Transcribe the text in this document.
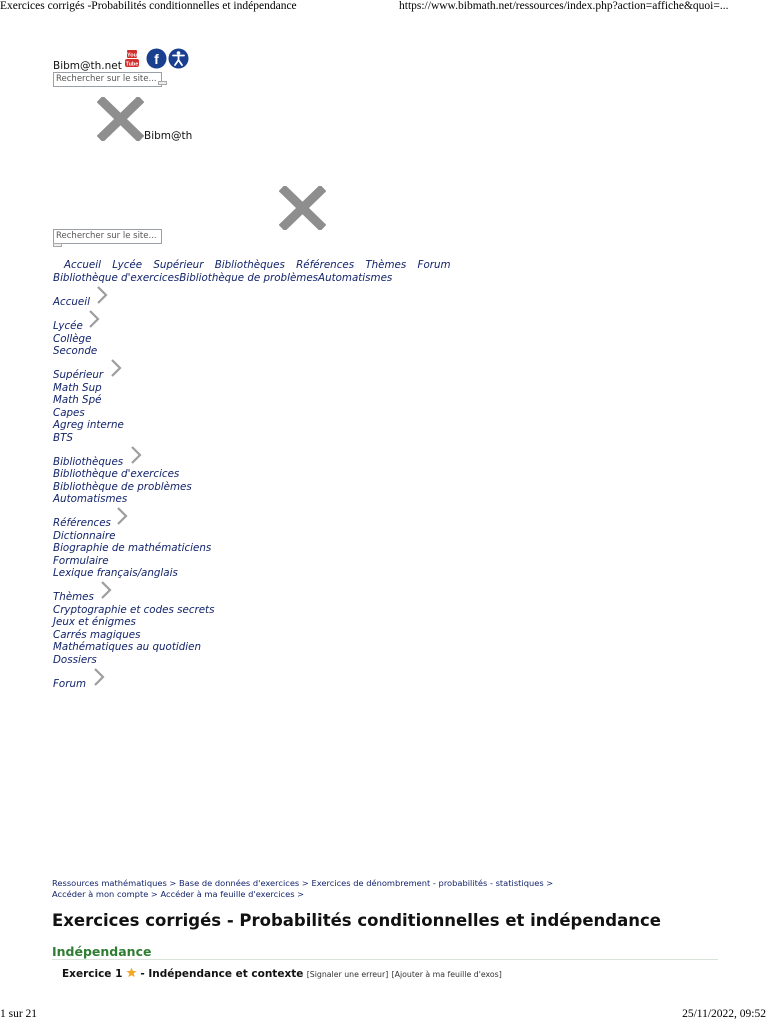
Exercices corrigés -Probabilités conditionnelles et indépendance	https://www.bibmath.net/ressources/index.php?action=affiche&quoi=...
Bibm@th.net
You
Tube f
Rechercher sur le site...
Bibm@th
Rechercher sur le site...
Accueil Lycée Supérieur Bibliothèques Références Thèmes Forum
Bibliothèque d'exercicesBibliothèque de problèmesAutomatismes
Accueil
Lycée
Collège
Seconde
Supérieur
Math Sup
Math Spé
Capes
Agreg interne
BTS
Bibliothèques
Bibliothèque d'exercices
Bibliothèque de problèmes
Automatismes
Références
Dictionnaire
Biographie de mathématiciens
Formulaire
Lexique français/anglais
Thèmes
Cryptographie et codes secrets
Jeux et énigmes
Carrés magiques
Mathématiques au quotidien
Dossiers
Forum
Ressources mathématiques > Base de données d'exercices > Exercices de dénombrement - probabilités - statistiques >
Accéder à mon compte > Accéder à ma feuille d'exercices >
Exercices corrigés - Probabilités conditionnelles et indépendance
Indépendance
Exercice 1  - Indépendance et contexte [Signaler une erreur] [Ajouter à ma feuille d'exos]
1 sur 21	25/11/2022, 09:52
